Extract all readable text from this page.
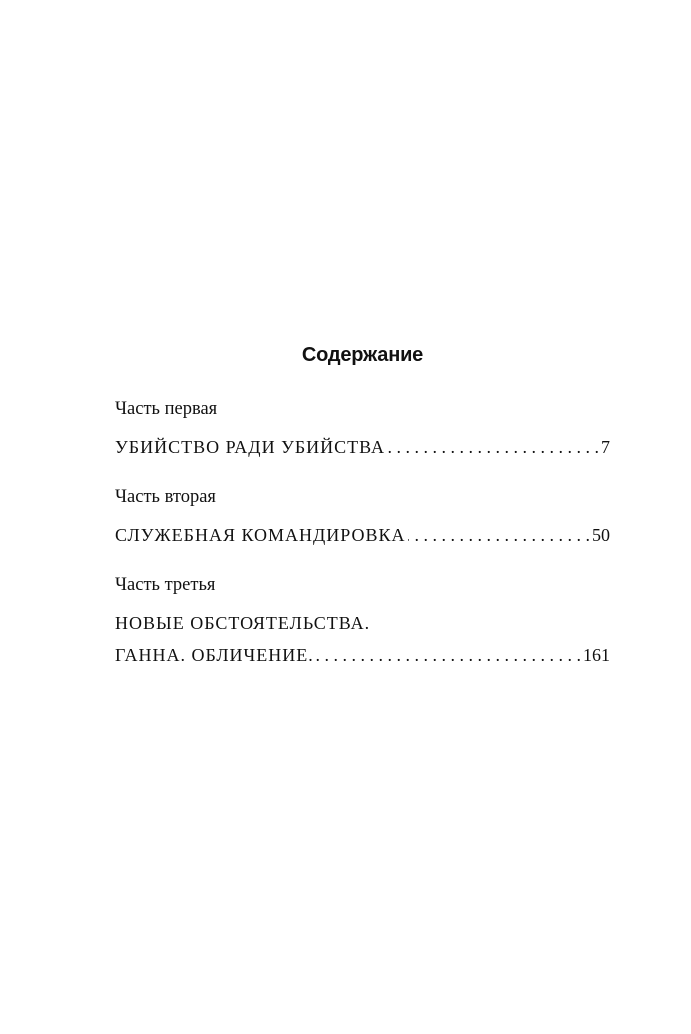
Содержание
Часть первая
УБИЙСТВО РАДИ УБИЙСТВА . . .	7
Часть вторая
СЛУЖЕБНАЯ КОМАНДИРОВКА . . .	50
Часть третья
НОВЫЕ ОБСТОЯТЕЛЬСТВА.
ГАННА. ОБЛИЧЕНИЕ. . . .	161
